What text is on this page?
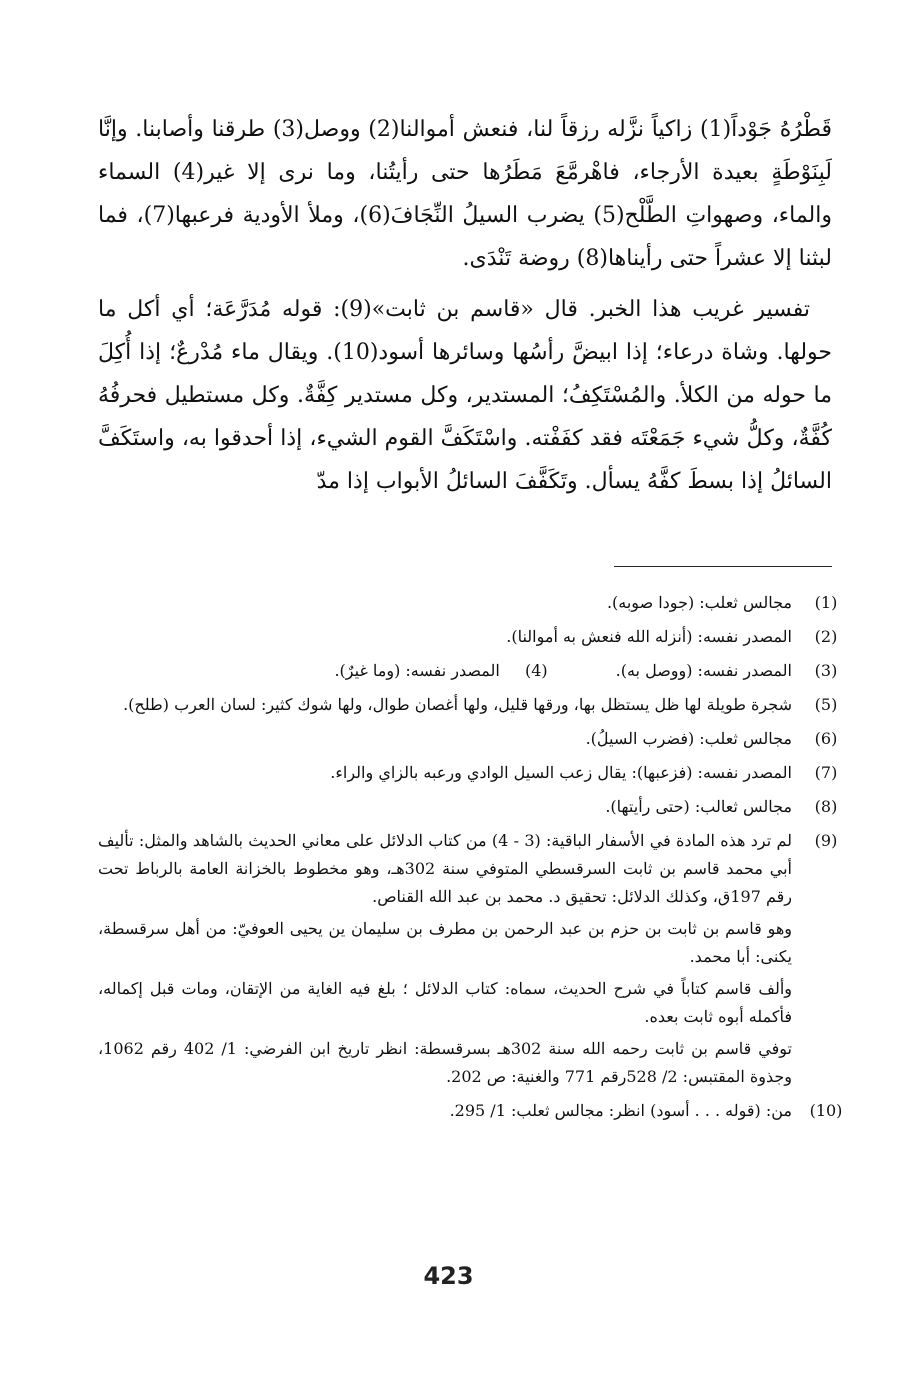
قَطْرُهُ جَوْداً(1) زاكياً نزَّله رزقاً لنا، فنعش أموالنا(2) ووصل(3) طرقنا وأصابنا. وإنَّا لَبِنَوْطَةٍ بعيدة الأرجاء، فاهْرمَّعَ مَطَرُها حتى رأيتُنا، وما نرى إلا غير(4) السماء والماء، وصهواتِ الطَّلْح(5) يضرب السيلُ النِّجَافَ(6)، وملأ الأودية فرعبها(7)، فما لبثنا إلا عشراً حتى رأيناها(8) روضة تَنْدَى.

تفسير غريب هذا الخبر. قال «قاسم بن ثابت»(9): قوله مُدَرَّعَة؛ أي أكل ما حولها. وشاة درعاء؛ إذا ابيضَّ رأسُها وسائرها أسود(10). ويقال ماء مُدْرعٌ؛ إذا أُكِلَ ما حوله من الكلأ. والمُسْتَكِفُ؛ المستدير، وكل مستدير كِفَّةٌ. وكل مستطيل فحرفُهُ كُفَّةٌ، وكلُّ شيء جَمَعْتَه فقد كفَفْته. واسْتَكَفَّ القوم الشيء، إذا أحدقوا به، واستَكَفَّ السائلُ إذا بسطَ كفَّهُ يسأل. وتَكَفَّفَ السائلُ الأبواب إذا مدّ

(1)
مجالس ثعلب: (جودا صوبه).
(2)
المصدر نفسه: (أنزله الله فنعش به أموالنا).
(3)
المصدر نفسه: (ووصل به).
(4) المصدر نفسه: (وما غيرٌ).
(5)
شجرة طويلة لها ظل يستظل بها، ورقها قليل، ولها أغصان طوال، ولها شوك كثير: لسان العرب (طلح).
(6)
مجالس ثعلب: (فضرب السيلُ).
(7)
المصدر نفسه: (فزعبها): يقال زعب السيل الوادي ورعبه بالزاي والراء.
(8)
مجالس ثعالب: (حتى رأيتها).
(9)
لم ترد هذه المادة في الأسفار الباقية: (3 - 4) من كتاب الدلائل على معاني الحديث بالشاهد والمثل: تأليف أبي محمد قاسم بن ثابت السرقسطي المتوفي سنة 302هـ، وهو مخطوط بالخزانة العامة بالرباط تحت رقم 197ق، وكذلك الدلائل: تحقيق د. محمد بن عبد الله القناص.
وهو قاسم بن ثابت بن حزم بن عبد الرحمن بن مطرف بن سليمان ين يحيى العوفيّ: من أهل سرقسطة، يكنى: أبا محمد.
وألف قاسم كتاباً في شرح الحديث، سماه: كتاب الدلائل ؛ بلغ فيه الغاية من الإتقان، ومات قبل إكماله، فأكمله أبوه ثابت بعده.
توفي قاسم بن ثابت رحمه الله سنة 302هـ بسرقسطة: انظر تاريخ ابن الفرضي: 1/ 402 رقم 1062، وجذوة المقتبس: 2/ 528رقم 771 والغنية: ص 202.
(10)
من: (قوله . . . أسود) انظر: مجالس ثعلب: 1/ 295.
423
